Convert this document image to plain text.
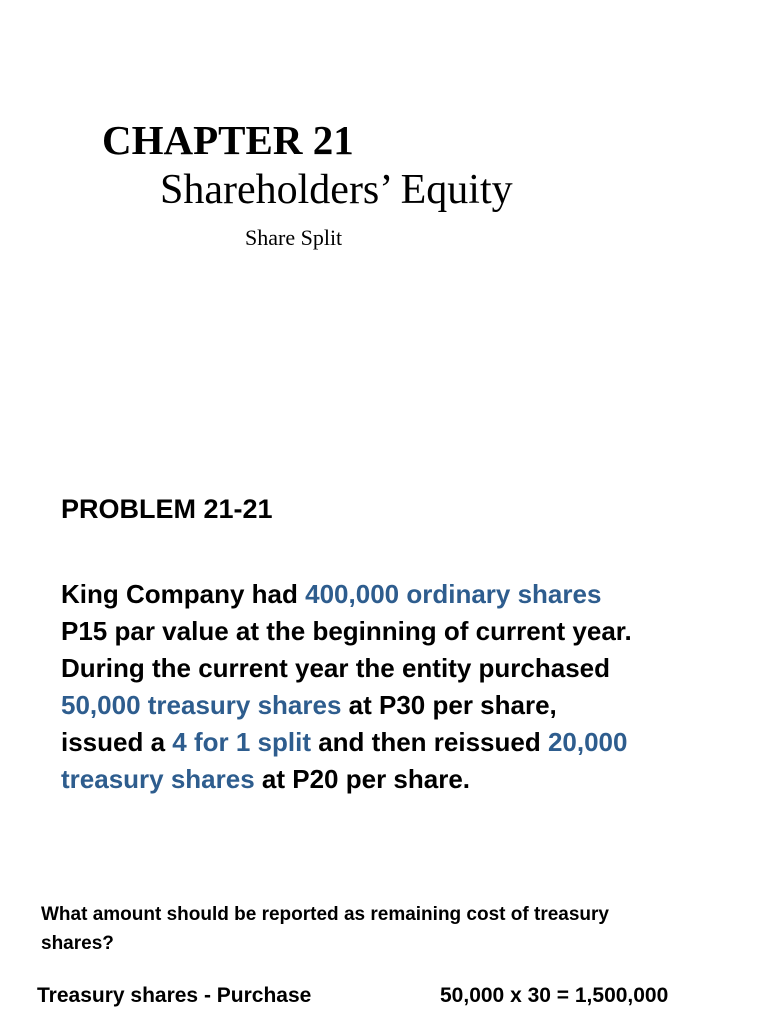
CHAPTER 21
Shareholders’ Equity
Share Split
PROBLEM 21-21
King Company had 400,000 ordinary shares
P15 par value at the beginning of current year.
During the current year the entity purchased
50,000 treasury shares at P30 per share,
issued a 4 for 1 split and then reissued 20,000
treasury shares at P20 per share.
What amount should be reported as remaining cost of treasury
shares?
Treasury shares - Purchase	50,000 x 30 = 1,500,000
